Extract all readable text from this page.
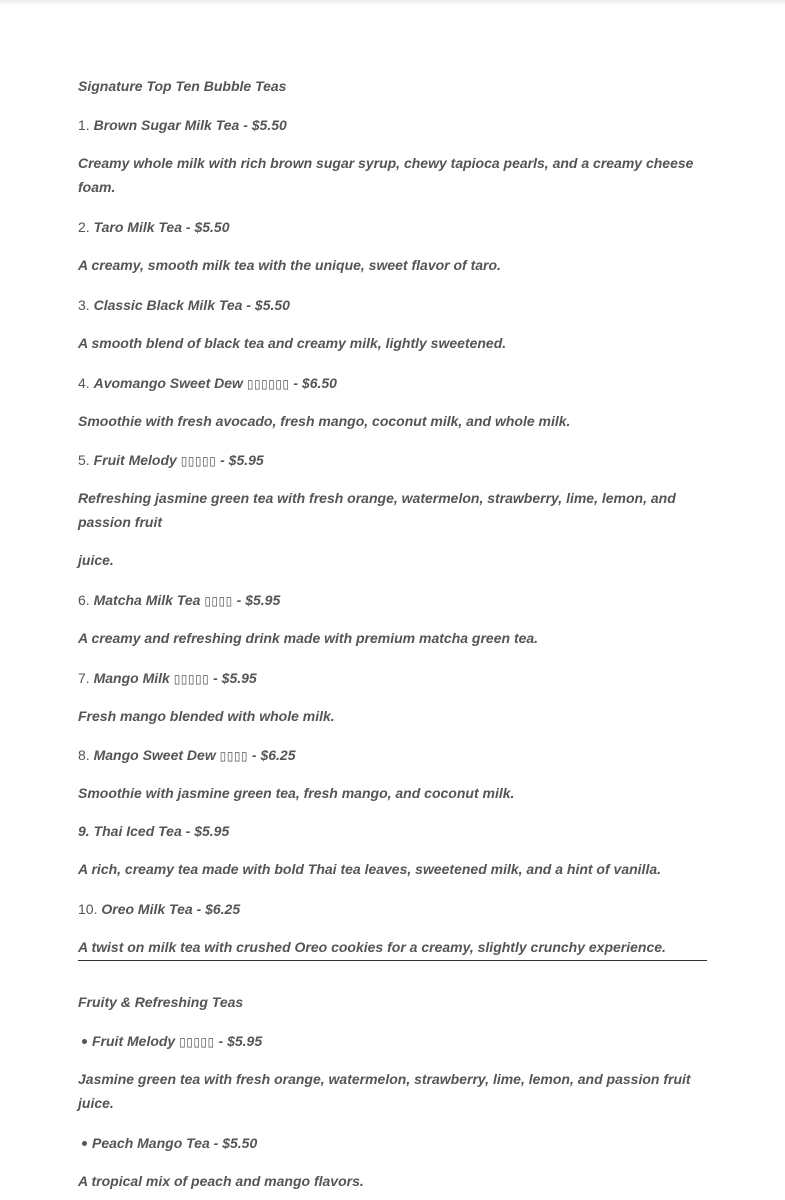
Signature Top Ten Bubble Teas
1. Brown Sugar Milk Tea - $5.50
Creamy whole milk with rich brown sugar syrup, chewy tapioca pearls, and a creamy cheese foam.
2. Taro Milk Tea - $5.50
A creamy, smooth milk tea with the unique, sweet flavor of taro.
3. Classic Black Milk Tea - $5.50
A smooth blend of black tea and creamy milk, lightly sweetened.
4. Avomango Sweet Dew ▯▯▯▯▯▯ - $6.50
Smoothie with fresh avocado, fresh mango, coconut milk, and whole milk.
5. Fruit Melody ▯▯▯▯▯ - $5.95
Refreshing jasmine green tea with fresh orange, watermelon, strawberry, lime, lemon, and passion fruit
juice.
6. Matcha Milk Tea ▯▯▯▯ - $5.95
A creamy and refreshing drink made with premium matcha green tea.
7. Mango Milk ▯▯▯▯▯ - $5.95
Fresh mango blended with whole milk.
8. Mango Sweet Dew ▯▯▯▯ - $6.25
Smoothie with jasmine green tea, fresh mango, and coconut milk.
9. Thai Iced Tea - $5.95
A rich, creamy tea made with bold Thai tea leaves, sweetened milk, and a hint of vanilla.
10. Oreo Milk Tea - $6.25
A twist on milk tea with crushed Oreo cookies for a creamy, slightly crunchy experience.
Fruity & Refreshing Teas
Fruit Melody ▯▯▯▯▯ - $5.95
Jasmine green tea with fresh orange, watermelon, strawberry, lime, lemon, and passion fruit juice.
Peach Mango Tea - $5.50
A tropical mix of peach and mango flavors.
